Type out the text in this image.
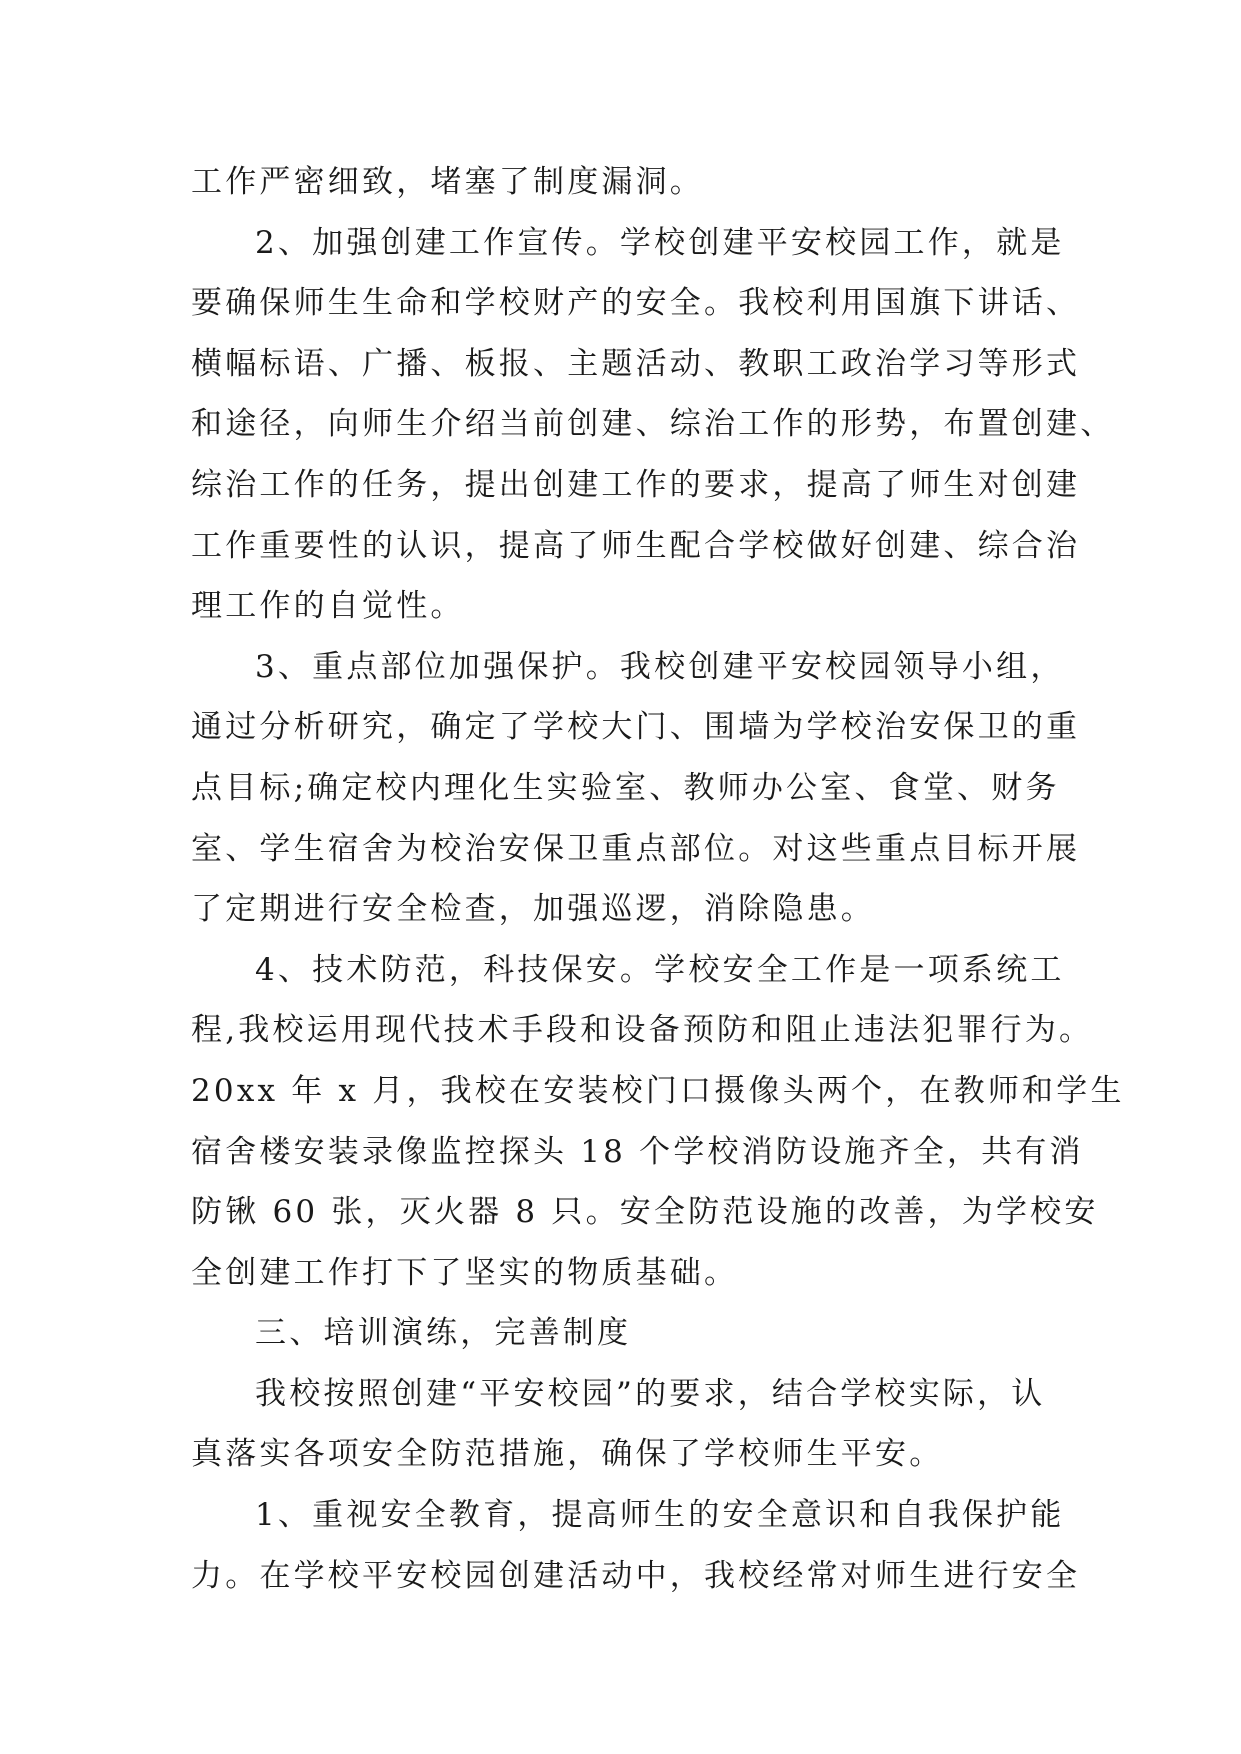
工作严密细致，堵塞了制度漏洞。
2、加强创建工作宣传。学校创建平安校园工作，就是
要确保师生生命和学校财产的安全。我校利用国旗下讲话、
横幅标语、广播、板报、主题活动、教职工政治学习等形式
和途径，向师生介绍当前创建、综治工作的形势，布置创建、
综治工作的任务，提出创建工作的要求，提高了师生对创建
工作重要性的认识，提高了师生配合学校做好创建、综合治
理工作的自觉性。
3、重点部位加强保护。我校创建平安校园领导小组，
通过分析研究，确定了学校大门、围墙为学校治安保卫的重
点目标;确定校内理化生实验室、教师办公室、食堂、财务
室、学生宿舍为校治安保卫重点部位。对这些重点目标开展
了定期进行安全检查，加强巡逻，消除隐患。
4、技术防范，科技保安。学校安全工作是一项系统工
程,我校运用现代技术手段和设备预防和阻止违法犯罪行为。
20xx 年 x 月，我校在安装校门口摄像头两个，在教师和学生
宿舍楼安装录像监控探头 18 个学校消防设施齐全，共有消
防锹 60 张，灭火器 8 只。安全防范设施的改善，为学校安
全创建工作打下了坚实的物质基础。
三、培训演练，完善制度
我校按照创建“平安校园”的要求，结合学校实际，认
真落实各项安全防范措施，确保了学校师生平安。
1、重视安全教育，提高师生的安全意识和自我保护能
力。在学校平安校园创建活动中，我校经常对师生进行安全
